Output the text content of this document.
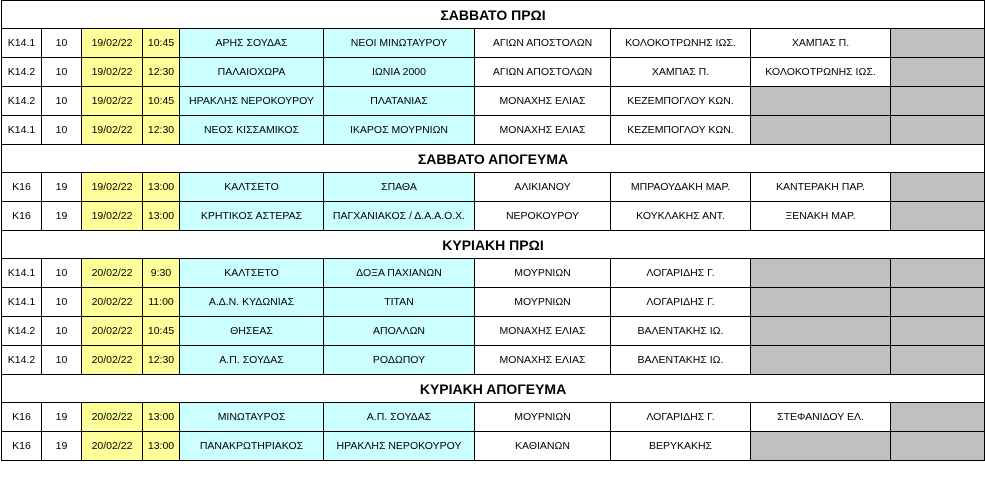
ΣΑΒΒΑΤΟ ΠΡΩΙ									
K14.1	10	19/02/22	10:45	ΑΡΗΣ ΣΟΥΔΑΣ	ΝΕΟΙ ΜΙΝΩΤΑΥΡΟΥ	ΑΓΙΩΝ ΑΠΟΣΤΟΛΩΝ	ΚΟΛΟΚΟΤΡΩΝΗΣ ΙΩΣ.	ΧΑΜΠΑΣ Π.	
K14.2	10	19/02/22	12:30	ΠΑΛΑΙΟΧΩΡΑ	ΙΩΝΙΑ 2000	ΑΓΙΩΝ ΑΠΟΣΤΟΛΩΝ	ΧΑΜΠΑΣ Π.	ΚΟΛΟΚΟΤΡΩΝΗΣ ΙΩΣ.	
K14.2	10	19/02/22	10:45	ΗΡΑΚΛΗΣ ΝΕΡΟΚΟΥΡΟΥ	ΠΛΑΤΑΝΙΑΣ	ΜΟΝΑΧΗΣ ΕΛΙΑΣ	ΚΕΖΕΜΠΟΓΛΟΥ ΚΩΝ.		
K14.1	10	19/02/22	12:30	ΝΕΟΣ ΚΙΣΣΑΜΙΚΟΣ	ΙΚΑΡΟΣ ΜΟΥΡΝΙΩΝ	ΜΟΝΑΧΗΣ ΕΛΙΑΣ	ΚΕΖΕΜΠΟΓΛΟΥ ΚΩΝ.		
ΣΑΒΒΑΤΟ ΑΠΟΓΕΥΜΑ									
K16	19	19/02/22	13:00	ΚΑΛΤΣΕΤΟ	ΣΠΑΘΑ	ΑΛΙΚΙΑΝΟΥ	ΜΠΡΑΟΥΔΑΚΗ ΜΑΡ.	ΚΑΝΤΕΡΑΚΗ ΠΑΡ.	
K16	19	19/02/22	13:00	ΚΡΗΤΙΚΟΣ ΑΣΤΕΡΑΣ	ΠΑΓΧΑΝΙΑΚΟΣ / Δ.Α.Α.Ο.Χ.	ΝΕΡΟΚΟΥΡΟΥ	ΚΟΥΚΛΑΚΗΣ ΑΝΤ.	ΞΕΝΑΚΗ ΜΑΡ.	
ΚΥΡΙΑΚΗ ΠΡΩΙ									
K14.1	10	20/02/22	9:30	ΚΑΛΤΣΕΤΟ	ΔΟΞΑ ΠΑΧΙΑΝΩΝ	ΜΟΥΡΝΙΩΝ	ΛΟΓΑΡΙΔΗΣ Γ.		
K14.1	10	20/02/22	11:00	Α.Δ.Ν. ΚΥΔΩΝΙΑΣ	ΤΙΤΑΝ	ΜΟΥΡΝΙΩΝ	ΛΟΓΑΡΙΔΗΣ Γ.		
K14.2	10	20/02/22	10:45	ΘΗΣΕΑΣ	ΑΠΟΛΛΩΝ	ΜΟΝΑΧΗΣ ΕΛΙΑΣ	ΒΑΛΕΝΤΑΚΗΣ ΙΩ.		
K14.2	10	20/02/22	12:30	Α.Π. ΣΟΥΔΑΣ	ΡΟΔΩΠΟΥ	ΜΟΝΑΧΗΣ ΕΛΙΑΣ	ΒΑΛΕΝΤΑΚΗΣ ΙΩ.		
ΚΥΡΙΑΚΗ ΑΠΟΓΕΥΜΑ									
K16	19	20/02/22	13:00	ΜΙΝΩΤΑΥΡΟΣ	Α.Π. ΣΟΥΔΑΣ	ΜΟΥΡΝΙΩΝ	ΛΟΓΑΡΙΔΗΣ Γ.	ΣΤΕΦΑΝΙΔΟΥ ΕΛ.	
K16	19	20/02/22	13:00	ΠΑΝΑΚΡΩΤΗΡΙΑΚΟΣ	ΗΡΑΚΛΗΣ ΝΕΡΟΚΟΥΡΟΥ	ΚΑΘΙΑΝΩΝ	ΒΕΡΥΚΑΚΗΣ		
